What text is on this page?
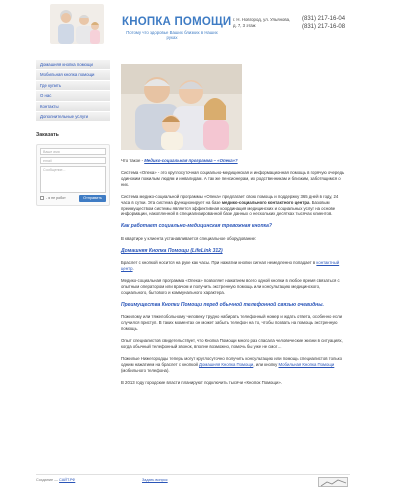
КНОПКА ПОМОЩИ
Потому что здоровье Ваших близких в Наших руках
г. Н. Новгород, ул. Ульянова, д. 7, 3 этаж
(831) 217-16-04
(831) 217-16-08
Домашняя кнопка помощи
Мобильная кнопка помощи
Где купить
О нас
Контакты
Дополнительные услуги
Заказать
Ваше имя
email
Сообщение...
- я не робот	Отправить

Что такое - Медико-социальная программа – «Опека»?

Система «Опека» - это круглосуточная социально-медицинская и информационная помощь в горячую очередь одиноким пожилым людям и инвалидам. А так же пенсионерам, их родственникам и близким, заботящимся о них.

Система медико-социальной программы «Опека» предлагает свою помощь и поддержку 365 дней в году, 24 часа в сутки. Эта система функционирует на базе медико-социального контактного центра. Базовым преимуществом системы является эффективная координация медицинских и социальных услуг на основе информации, накопленной в специализированной базе данных о нескольких десятках тысячах клиентов.

Как работает социально-медицинская тревожная кнопка?

В квартире у клиента устанавливается специальное оборудование:

Домашняя Кнопка Помощи (LifeLink 312)

Браслет с кнопкой носится на руке как часы. При нажатии кнопки сигнал немедленно попадает в контактный центр.

Медико-социальная программа «Опека» позволяет нажатием всего одной кнопки в любое время связаться с опытным оператором или врачом и получить экстренную помощь или консультацию медицинского, социального, бытового и коммунального характера.

Преимущества Кнопки Помощи перед обычной телефонной связью очевидны.

Пожилому или тяжелобольному человеку трудно набирать телефонный номер и ждать ответа, особенно если случился приступ. В таких моментах он может забыть телефон на то, чтобы позвать на помощь экстренную помощь.

Опыт специалистов свидетельствует, что Кнопка Помощи много раз спасала человеческие жизни в ситуациях, когда обычный телефонный звонок, вполне возможно, помочь бы уже не смог…

Пожилые Нижегородцы теперь могут круглосуточно получить консультацию или помощь специалистов только одним нажатием на браслет с кнопкой Домашняя Кнопка Помощи, или кнопку Мобильная Кнопка Помощи (мобильного телефона).

В 2013 году городские власти планируют подключить тысячи «Кнопок Помощи».

Создание — САЙТ.РФ	Задать вопрос
